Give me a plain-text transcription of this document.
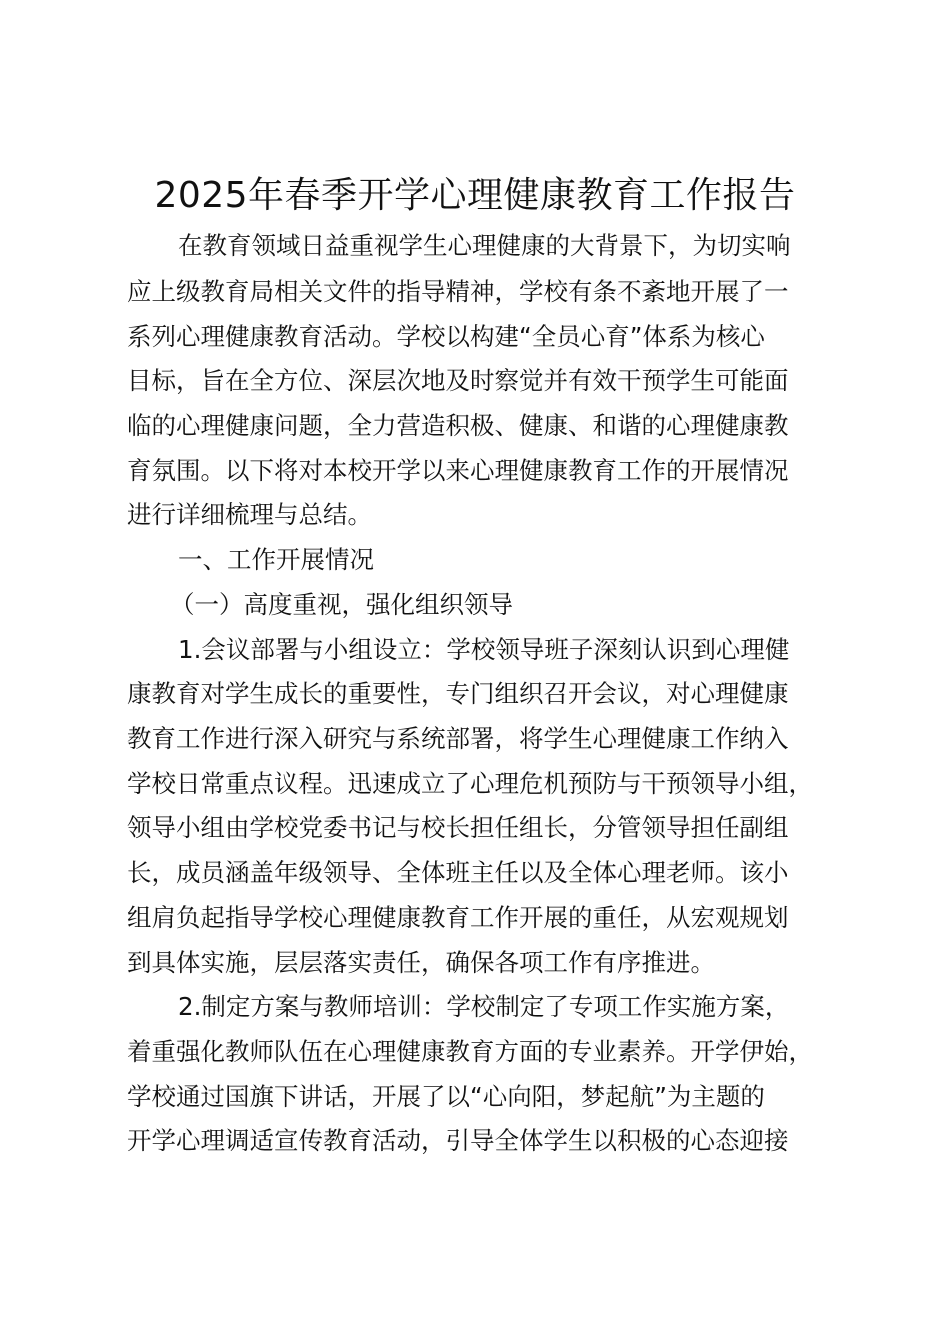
2025年春季开学心理健康教育工作报告
在教育领域日益重视学生心理健康的大背景下，为切实响
应上级教育局相关文件的指导精神，学校有条不紊地开展了一
系列心理健康教育活动。学校以构建“全员心育”体系为核心
目标，旨在全方位、深层次地及时察觉并有效干预学生可能面
临的心理健康问题，全力营造积极、健康、和谐的心理健康教
育氛围。以下将对本校开学以来心理健康教育工作的开展情况
进行详细梳理与总结。
一、工作开展情况
（一）高度重视，强化组织领导
1.会议部署与小组设立：学校领导班子深刻认识到心理健
康教育对学生成长的重要性，专门组织召开会议，对心理健康
教育工作进行深入研究与系统部署，将学生心理健康工作纳入
学校日常重点议程。迅速成立了心理危机预防与干预领导小组，
领导小组由学校党委书记与校长担任组长，分管领导担任副组
长，成员涵盖年级领导、全体班主任以及全体心理老师。该小
组肩负起指导学校心理健康教育工作开展的重任，从宏观规划
到具体实施，层层落实责任，确保各项工作有序推进。
2.制定方案与教师培训：学校制定了专项工作实施方案，
着重强化教师队伍在心理健康教育方面的专业素养。开学伊始，
学校通过国旗下讲话，开展了以“心向阳，梦起航”为主题的
开学心理调适宣传教育活动，引导全体学生以积极的心态迎接
